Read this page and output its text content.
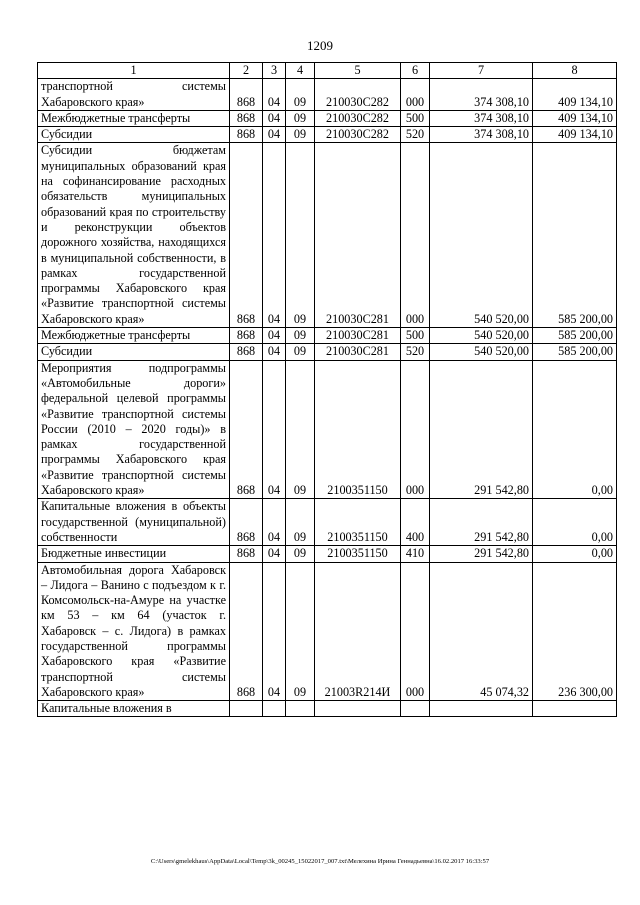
1209
1	2	3	4	5	6	7	8
транспортной системы Хабаровского края»	868	04	09	210030С282	000	374 308,10	409 134,10
Межбюджетные трансферты	868	04	09	210030С282	500	374 308,10	409 134,10
Субсидии	868	04	09	210030С282	520	374 308,10	409 134,10
Субсидии бюджетам муниципальных образований края на софинансирование расходных обязательств муниципальных образований края по строительству и реконструкции объектов дорожного хозяйства, находящихся в муниципальной собственности, в рамках государственной программы Хабаровского края «Развитие транспортной системы Хабаровского края»	868	04	09	210030С281	000	540 520,00	585 200,00
Межбюджетные трансферты	868	04	09	210030С281	500	540 520,00	585 200,00
Субсидии	868	04	09	210030С281	520	540 520,00	585 200,00
Мероприятия подпрограммы «Автомобильные дороги» федеральной целевой программы «Развитие транспортной системы России (2010 – 2020 годы)» в рамках государственной программы Хабаровского края «Развитие транспортной системы Хабаровского края»	868	04	09	2100351150	000	291 542,80	0,00
Капитальные вложения в объекты государственной (муниципальной) собственности	868	04	09	2100351150	400	291 542,80	0,00
Бюджетные инвестиции	868	04	09	2100351150	410	291 542,80	0,00
Автомобильная дорога Хабаровск – Лидога – Ванино с подъездом к г. Комсомольск-на-Амуре на участке км 53 – км 64 (участок г. Хабаровск – с. Лидога) в рамках государственной программы Хабаровского края «Развитие транспортной системы Хабаровского края»	868	04	09	21003R214И	000	45 074,32	236 300,00
Капитальные вложения в							
C:\Users\gmelekhaus\AppData\Local\Temp\3k_00245_15022017_007.txt\Мелехина Ирина Геннадьевна\16.02.2017 16:33:57
